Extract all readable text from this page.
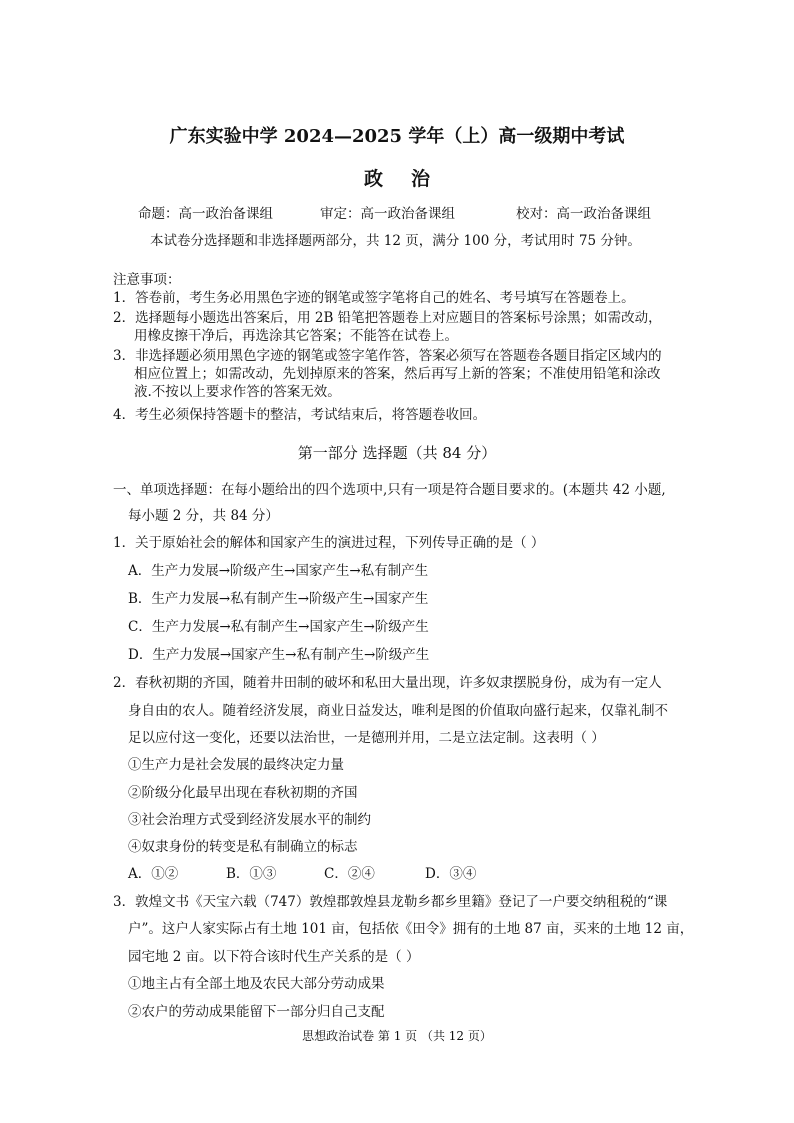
广东实验中学 2024—2025 学年（上）高一级期中考试
政治
命题：高一政治备课组	审定：高一政治备课组	校对：高一政治备课组
本试卷分选择题和非选择题两部分，共 12 页，满分 100 分，考试用时 75 分钟。
注意事项：
1．答卷前，考生务必用黑色字迹的钢笔或签字笔将自己的姓名、考号填写在答题卷上。
2．选择题每小题选出答案后，用 2B 铅笔把答题卷上对应题目的答案标号涂黑；如需改动，
用橡皮擦干净后，再选涂其它答案；不能答在试卷上。
3．非选择题必须用黑色字迹的钢笔或签字笔作答，答案必须写在答题卷各题目指定区域内的
相应位置上；如需改动，先划掉原来的答案，然后再写上新的答案；不准使用铅笔和涂改
液.不按以上要求作答的答案无效。
4．考生必须保持答题卡的整洁，考试结束后，将答题卷收回。
第一部分 选择题（共 84 分）
一、单项选择题：在每小题给出的四个选项中,只有一项是符合题目要求的。(本题共 42 小题,
每小题 2 分，共 84 分）
1．关于原始社会的解体和国家产生的演进过程，下列传导正确的是（ ）
A．生产力发展→阶级产生→国家产生→私有制产生
B．生产力发展→私有制产生→阶级产生→国家产生
C．生产力发展→私有制产生→国家产生→阶级产生
D．生产力发展→国家产生→私有制产生→阶级产生
2．春秋初期的齐国，随着井田制的破坏和私田大量出现，许多奴隶摆脱身份，成为有一定人
身自由的农人。随着经济发展，商业日益发达，唯利是图的价值取向盛行起来，仅靠礼制不
足以应付这一变化，还要以法治世，一是德刑并用，二是立法定制。这表明（ ）
①生产力是社会发展的最终决定力量
②阶级分化最早出现在春秋初期的齐国
③社会治理方式受到经济发展水平的制约
④奴隶身份的转变是私有制确立的标志
A．①②	B．①③	C．②④	D．③④
3．敦煌文书《天宝六载（747）敦煌郡敦煌县龙勒乡都乡里籍》登记了一户要交纳租税的“课
户”。这户人家实际占有土地 101 亩，包括依《田令》拥有的土地 87 亩，买来的土地 12 亩，
园宅地 2 亩。以下符合该时代生产关系的是（ ）
①地主占有全部土地及农民大部分劳动成果
②农户的劳动成果能留下一部分归自己支配
思想政治试卷 第 1 页 （共 12 页）
